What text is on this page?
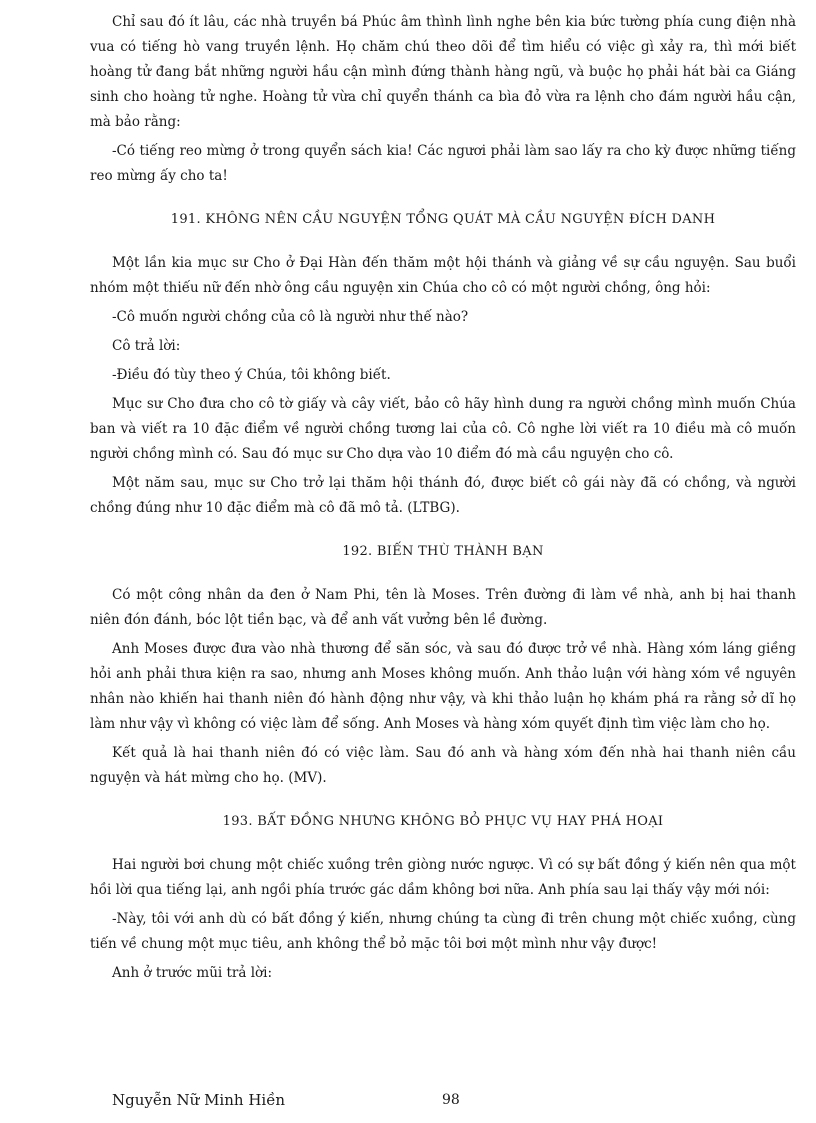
Chỉ sau đó ít lâu, các nhà truyền bá Phúc âm thình lình nghe bên kia bức tường phía cung điện nhà vua có tiếng hò vang truyền lệnh. Họ chăm chú theo dõi để tìm hiểu có việc gì xảy ra, thì mới biết hoàng tử đang bắt những người hầu cận mình đứng thành hàng ngũ, và buộc họ phải hát bài ca Giáng sinh cho hoàng tử nghe. Hoàng tử vừa chỉ quyển thánh ca bìa đỏ vừa ra lệnh cho đám người hầu cận, mà bảo rằng:

-Có tiếng reo mừng ở trong quyển sách kia! Các ngươi phải làm sao lấy ra cho kỳ được những tiếng reo mừng ấy cho ta!

191. KHÔNG NÊN CẦU NGUYỆN TỔNG QUÁT MÀ CẦU NGUYỆN ĐÍCH DANH

Một lần kia mục sư Cho ở Đại Hàn đến thăm một hội thánh và giảng về sự cầu nguyện. Sau buổi nhóm một thiếu nữ đến nhờ ông cầu nguyện xin Chúa cho cô có một người chồng, ông hỏi:

-Cô muốn người chồng của cô là người như thế nào?

Cô trả lời:

-Điều đó tùy theo ý Chúa, tôi không biết.

Mục sư Cho đưa cho cô tờ giấy và cây viết, bảo cô hãy hình dung ra người chồng mình muốn Chúa ban và viết ra 10 đặc điểm về người chồng tương lai của cô. Cô nghe lời viết ra 10 điều mà cô muốn người chồng mình có. Sau đó mục sư Cho dựa vào 10 điểm đó mà cầu nguyện cho cô.

Một năm sau, mục sư Cho trở lại thăm hội thánh đó, được biết cô gái này đã có chồng, và người chồng đúng như 10 đặc điểm mà cô đã mô tả. (LTBG).

192. BIẾN THÙ THÀNH BẠN

Có một công nhân da đen ở Nam Phi, tên là Moses. Trên đường đi làm về nhà, anh bị hai thanh niên đón đánh, bóc lột tiền bạc, và để anh vất vưởng bên lề đường.

Anh Moses được đưa vào nhà thương để săn sóc, và sau đó được trở về nhà. Hàng xóm láng giềng hỏi anh phải thưa kiện ra sao, nhưng anh Moses không muốn. Anh thảo luận với hàng xóm về nguyên nhân nào khiến hai thanh niên đó hành động như vậy, và khi thảo luận họ khám phá ra rằng sở dĩ họ làm như vậy vì không có việc làm để sống. Anh Moses và hàng xóm quyết định tìm việc làm cho họ.

Kết quả là hai thanh niên đó có việc làm. Sau đó anh và hàng xóm đến nhà hai thanh niên cầu nguyện và hát mừng cho họ. (MV).

193. BẤT ĐỒNG NHƯNG KHÔNG BỎ PHỤC VỤ HAY PHÁ HOẠI

Hai người bơi chung một chiếc xuồng trên giòng nước ngược. Vì có sự bất đồng ý kiến nên qua một hồi lời qua tiếng lại, anh ngồi phía trước gác dầm không bơi nữa. Anh phía sau lại thấy vậy mới nói:

-Này, tôi với anh dù có bất đồng ý kiến, nhưng chúng ta cùng đi trên chung một chiếc xuồng, cùng tiến về chung một mục tiêu, anh không thể bỏ mặc tôi bơi một mình như vậy được!

Anh ở trước mũi trả lời:

Nguyễn Nữ Minh Hiền	98
